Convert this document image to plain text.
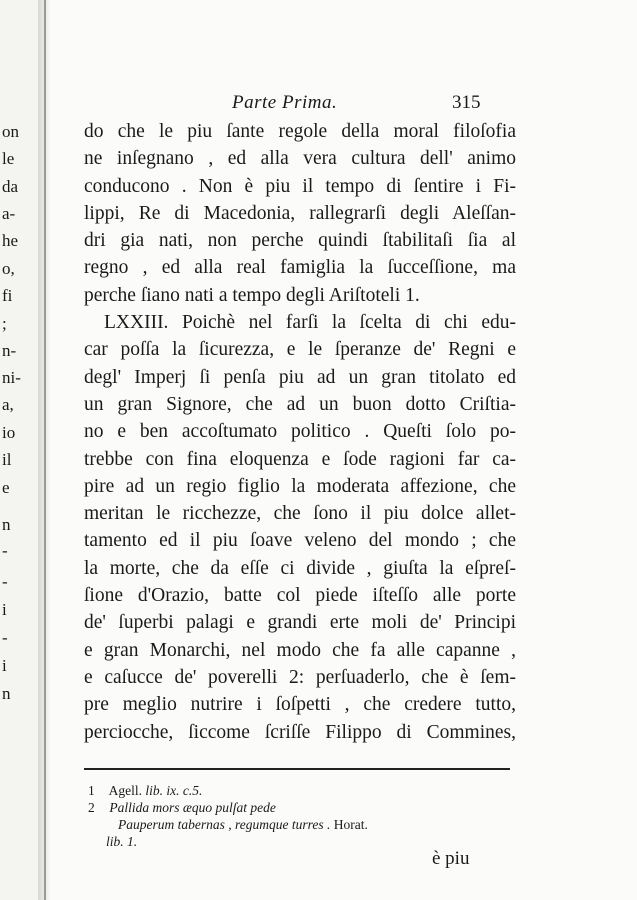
on
le
da
a-
he
o,
fi
;
n-
ni-
a,
io
il
e
n
-
-
i
-
i
n
Parte Prima.	315
do che le piu ſante regole della moral filoſofia
ne inſegnano , ed alla vera cultura dell' animo
conducono . Non è piu il tempo di ſentire i Fi-
lippi, Re di Macedonia, rallegrarſi degli Aleſſan-
dri gia nati, non perche quindi ſtabilitaſi ſia al
regno , ed alla real famiglia la ſucceſſione, ma
perche ſiano nati a tempo degli Ariſtoteli 1.
LXXIII. Poichè nel farſi la ſcelta di chi edu-
car poſſa la ſicurezza, e le ſperanze de' Regni e
degl' Imperj ſi penſa piu ad un gran titolato ed
un gran Signore, che ad un buon dotto Criſtia-
no e ben accoſtumato politico . Queſti ſolo po-
trebbe con fina eloquenza e ſode ragioni far ca-
pire ad un regio figlio la moderata affezione, che
meritan le ricchezze, che ſono il piu dolce allet-
tamento ed il piu ſoave veleno del mondo ; che
la morte, che da eſſe ci divide , giuſta la eſpreſ-
ſione d'Orazio, batte col piede iſteſſo alle porte
de' ſuperbi palagi e grandi erte moli de' Principi
e gran Monarchi, nel modo che fa alle capanne ,
e caſucce de' poverelli 2: perſuaderlo, che è ſem-
pre meglio nutrire i ſoſpetti , che credere tutto,
percioсche, ſiccome ſcriſſe Filippo di Commines,
1 Agell. lib. ix. c.5.
2 Pallida mors æquo pulſat pede
Pauperum tabernas , regumque turres . Horat.
lib. 1.
è piu
